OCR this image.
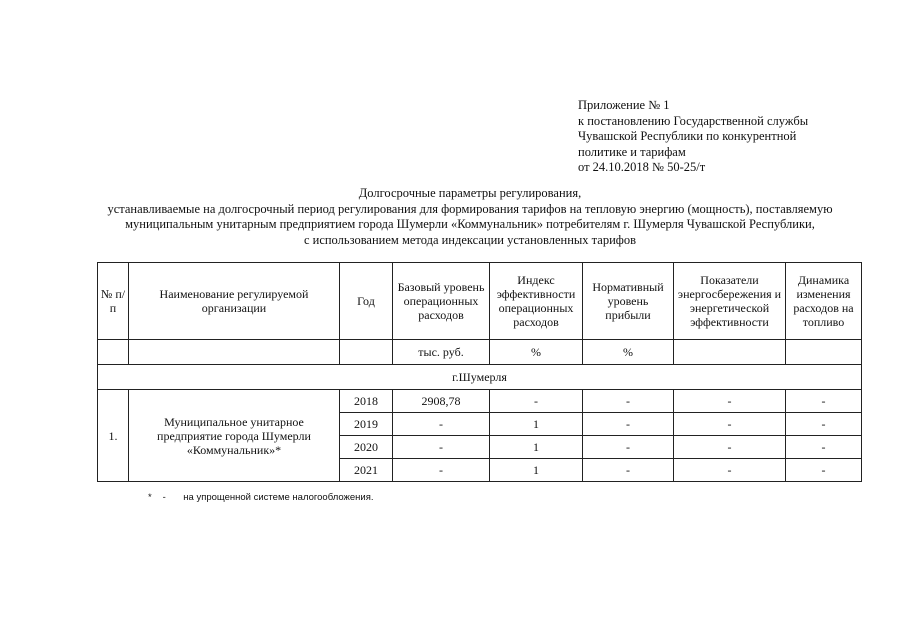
Приложение № 1
к постановлению Государственной службы
Чувашской Республики по конкурентной
политике и тарифам
от 24.10.2018 № 50-25/т
Долгосрочные параметры регулирования,
устанавливаемые на долгосрочный период регулирования для формирования тарифов на тепловую энергию (мощность), поставляемую
муниципальным унитарным предприятием города Шумерли «Коммунальник» потребителям г. Шумерля Чувашской Республики,
с использованием метода индексации установленных тарифов
№ п/п	Наименование регулируемой организации	Год	Базовый уровень операционных расходов	Индекс эффективности операционных расходов	Нормативный уровень прибыли	Показатели энергосбережения и энергетической эффективности	Динамика изменения расходов на топливо
			тыс. руб.	%	%		
г.Шумерля							
1.	Муниципальное унитарное предприятие города Шумерли «Коммунальник»*	2018	2908,78	-	-	-	-
		2019	-	1	-	-	-
		2020	-	1	-	-	-
		2021	-	1	-	-	-
* - на упрощенной системе налогообложения.
